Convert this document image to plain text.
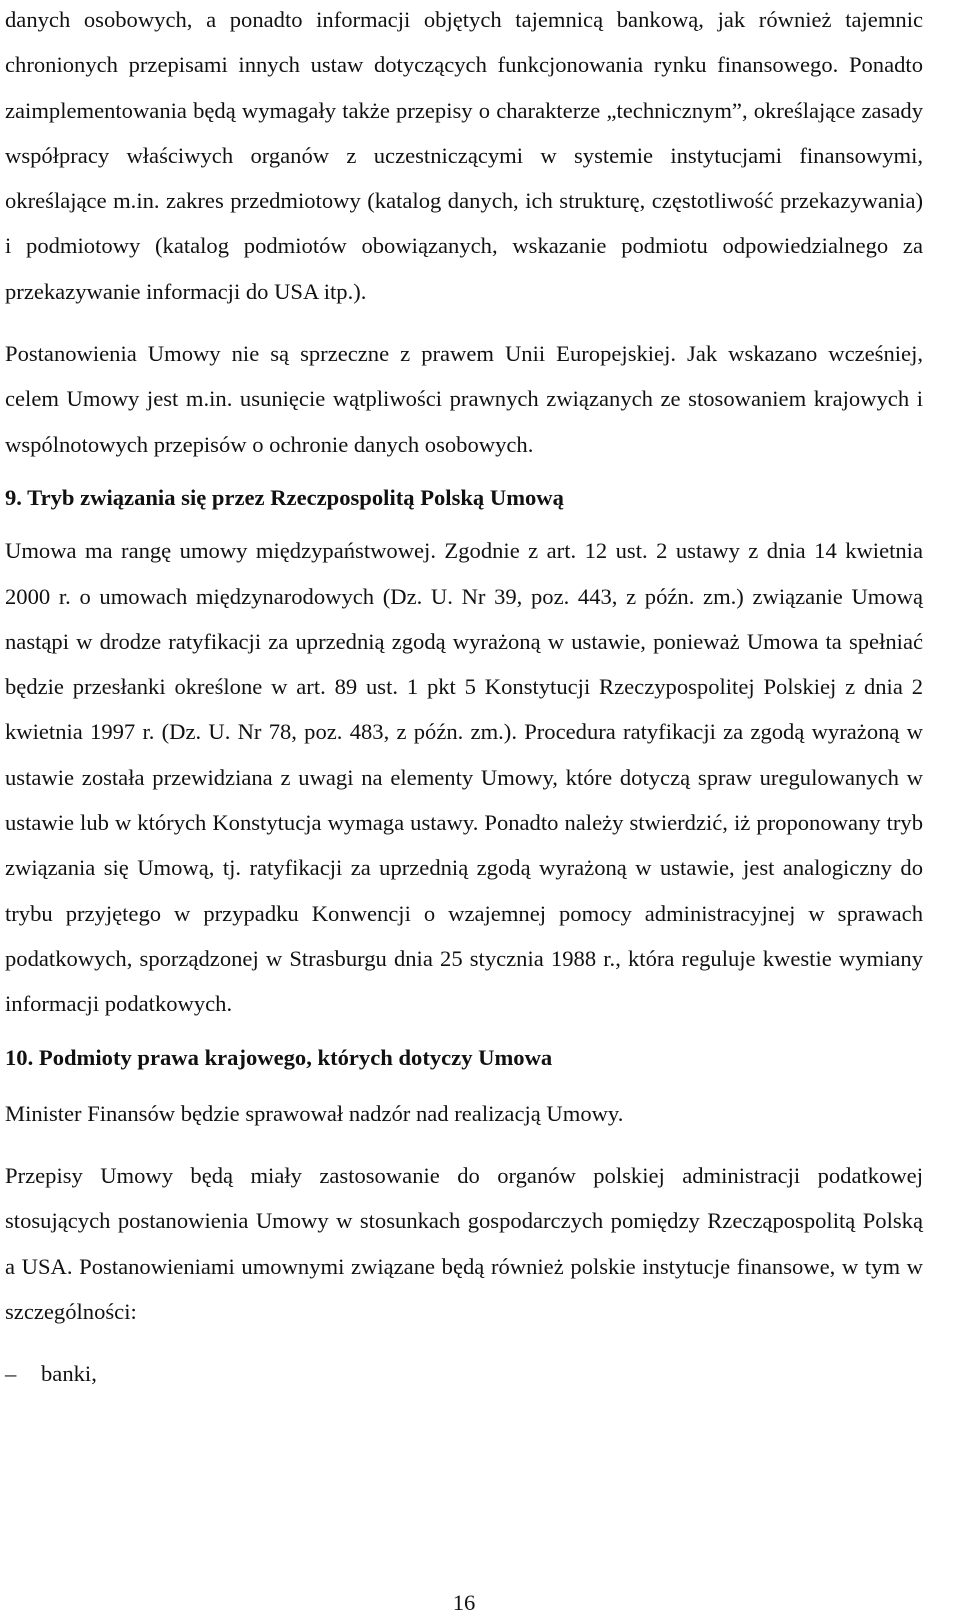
danych osobowych, a ponadto informacji objętych tajemnicą bankową, jak również tajemnic chronionych przepisami innych ustaw dotyczących funkcjonowania rynku finansowego. Ponadto zaimplementowania będą wymagały także przepisy o charakterze „technicznym”, określające zasady współpracy właściwych organów z uczestniczącymi w systemie instytucjami finansowymi, określające m.in. zakres przedmiotowy (katalog danych, ich strukturę, częstotliwość przekazywania) i podmiotowy (katalog podmiotów obowiązanych, wskazanie podmiotu odpowiedzialnego za przekazywanie informacji do USA itp.).

Postanowienia Umowy nie są sprzeczne z prawem Unii Europejskiej. Jak wskazano wcześniej, celem Umowy jest m.in. usunięcie wątpliwości prawnych związanych ze stosowaniem krajowych i wspólnotowych przepisów o ochronie danych osobowych.

9. Tryb związania się przez Rzeczpospolitą Polską Umową

Umowa ma rangę umowy międzypaństwowej. Zgodnie z art. 12 ust. 2 ustawy z dnia 14 kwietnia 2000 r. o umowach międzynarodowych (Dz. U. Nr 39, poz. 443, z późn. zm.) związanie Umową nastąpi w drodze ratyfikacji za uprzednią zgodą wyrażoną w ustawie, ponieważ Umowa ta spełniać będzie przesłanki określone w art. 89 ust. 1 pkt 5 Konstytucji Rzeczypospolitej Polskiej z dnia 2 kwietnia 1997 r. (Dz. U. Nr 78, poz. 483, z późn. zm.). Procedura ratyfikacji za zgodą wyrażoną w ustawie została przewidziana z uwagi na elementy Umowy, które dotyczą spraw uregulowanych w ustawie lub w których Konstytucja wymaga ustawy. Ponadto należy stwierdzić, iż proponowany tryb związania się Umową, tj. ratyfikacji za uprzednią zgodą wyrażoną w ustawie, jest analogiczny do trybu przyjętego w przypadku Konwencji o wzajemnej pomocy administracyjnej w sprawach podatkowych, sporządzonej w Strasburgu dnia 25 stycznia 1988 r., która reguluje kwestie wymiany informacji podatkowych.

10. Podmioty prawa krajowego, których dotyczy Umowa

Minister Finansów będzie sprawował nadzór nad realizacją Umowy.

Przepisy Umowy będą miały zastosowanie do organów polskiej administracji podatkowej stosujących postanowienia Umowy w stosunkach gospodarczych pomiędzy Rzecząpospolitą Polską a USA. Postanowieniami umownymi związane będą również polskie instytucje finansowe, w tym w szczególności:

–	banki,
16
